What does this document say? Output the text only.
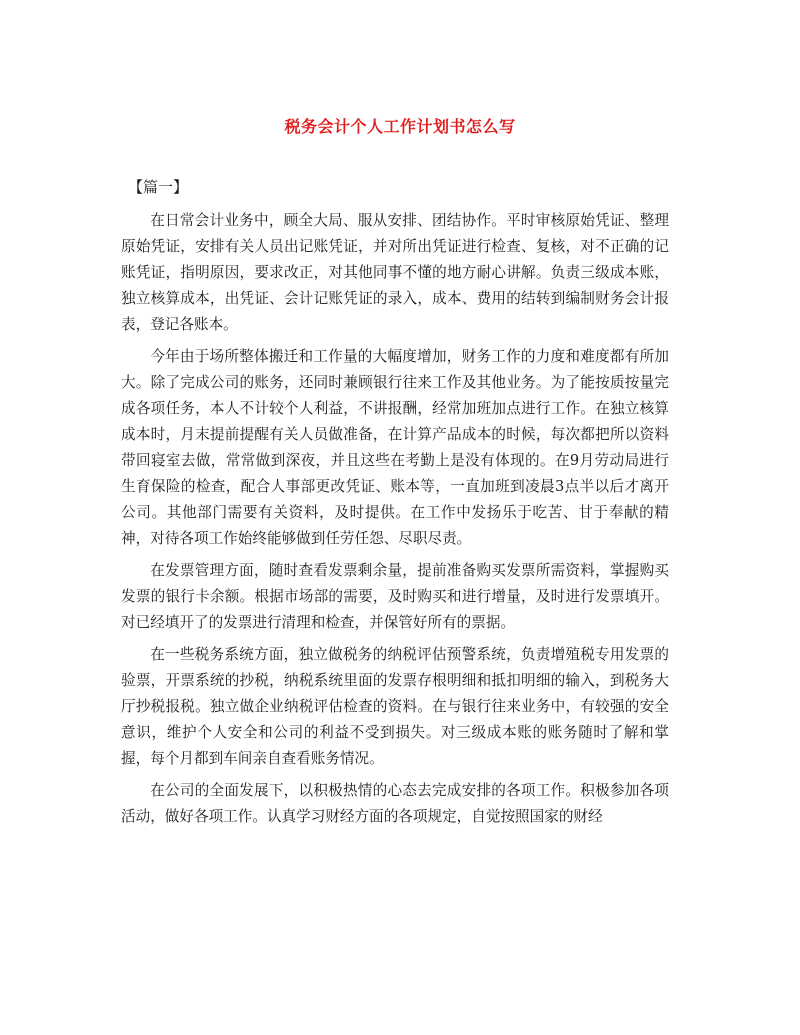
税务会计个人工作计划书怎么写
【篇一】

在日常会计业务中，顾全大局、服从安排、团结协作。平时审核原始凭证、整理原始凭证，安排有关人员出记账凭证，并对所出凭证进行检查、复核，对不正确的记账凭证，指明原因，要求改正，对其他同事不懂的地方耐心讲解。负责三级成本账，独立核算成本，出凭证、会计记账凭证的录入，成本、费用的结转到编制财务会计报表，登记各账本。

今年由于场所整体搬迁和工作量的大幅度增加，财务工作的力度和难度都有所加大。除了完成公司的账务，还同时兼顾银行往来工作及其他业务。为了能按质按量完成各项任务，本人不计较个人利益，不讲报酬，经常加班加点进行工作。在独立核算成本时，月末提前提醒有关人员做准备，在计算产品成本的时候，每次都把所以资料带回寝室去做，常常做到深夜，并且这些在考勤上是没有体现的。在9月劳动局进行生育保险的检查，配合人事部更改凭证、账本等，一直加班到凌晨3点半以后才离开公司。其他部门需要有关资料，及时提供。在工作中发扬乐于吃苦、甘于奉献的精神，对待各项工作始终能够做到任劳任怨、尽职尽责。

在发票管理方面，随时查看发票剩余量，提前准备购买发票所需资料，掌握购买发票的银行卡余额。根据市场部的需要，及时购买和进行增量，及时进行发票填开。对已经填开了的发票进行清理和检查，并保管好所有的票据。

在一些税务系统方面，独立做税务的纳税评估预警系统，负责增殖税专用发票的验票，开票系统的抄税，纳税系统里面的发票存根明细和抵扣明细的输入，到税务大厅抄税报税。独立做企业纳税评估检查的资料。在与银行往来业务中，有较强的安全意识，维护个人安全和公司的利益不受到损失。对三级成本账的账务随时了解和掌握，每个月都到车间亲自查看账务情况。

在公司的全面发展下，以积极热情的心态去完成安排的各项工作。积极参加各项活动，做好各项工作。认真学习财经方面的各项规定，自觉按照国家的财经
